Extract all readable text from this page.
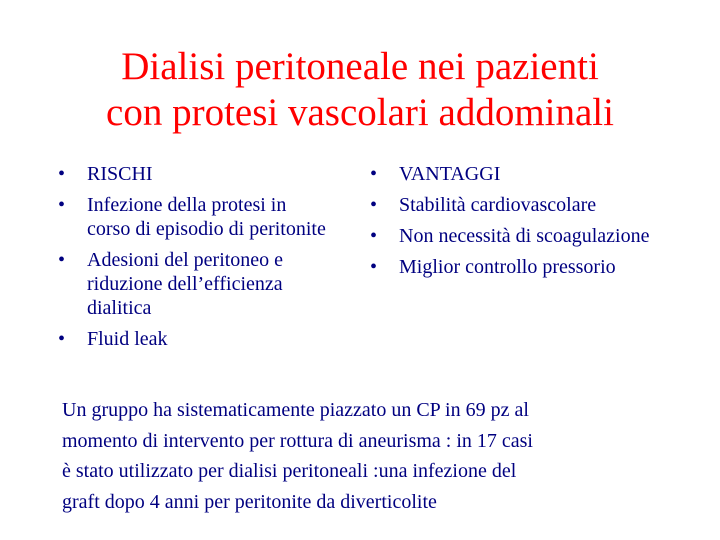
Dialisi peritoneale nei pazienti
con protesi vascolari addominali
• RISCHI
• Infezione della protesi in corso di episodio di peritonite
• Adesioni del peritoneo e riduzione dell’efficienza dialitica
• Fluid leak
• VANTAGGI
• Stabilità cardiovascolare
• Non necessità di scoagulazione
• Miglior controllo pressorio
Un gruppo ha sistematicamente piazzato un CP in 69 pz al
momento di intervento per rottura di aneurisma : in 17 casi
è stato utilizzato per dialisi peritoneali :una infezione del
graft dopo 4 anni per peritonite da diverticolite
